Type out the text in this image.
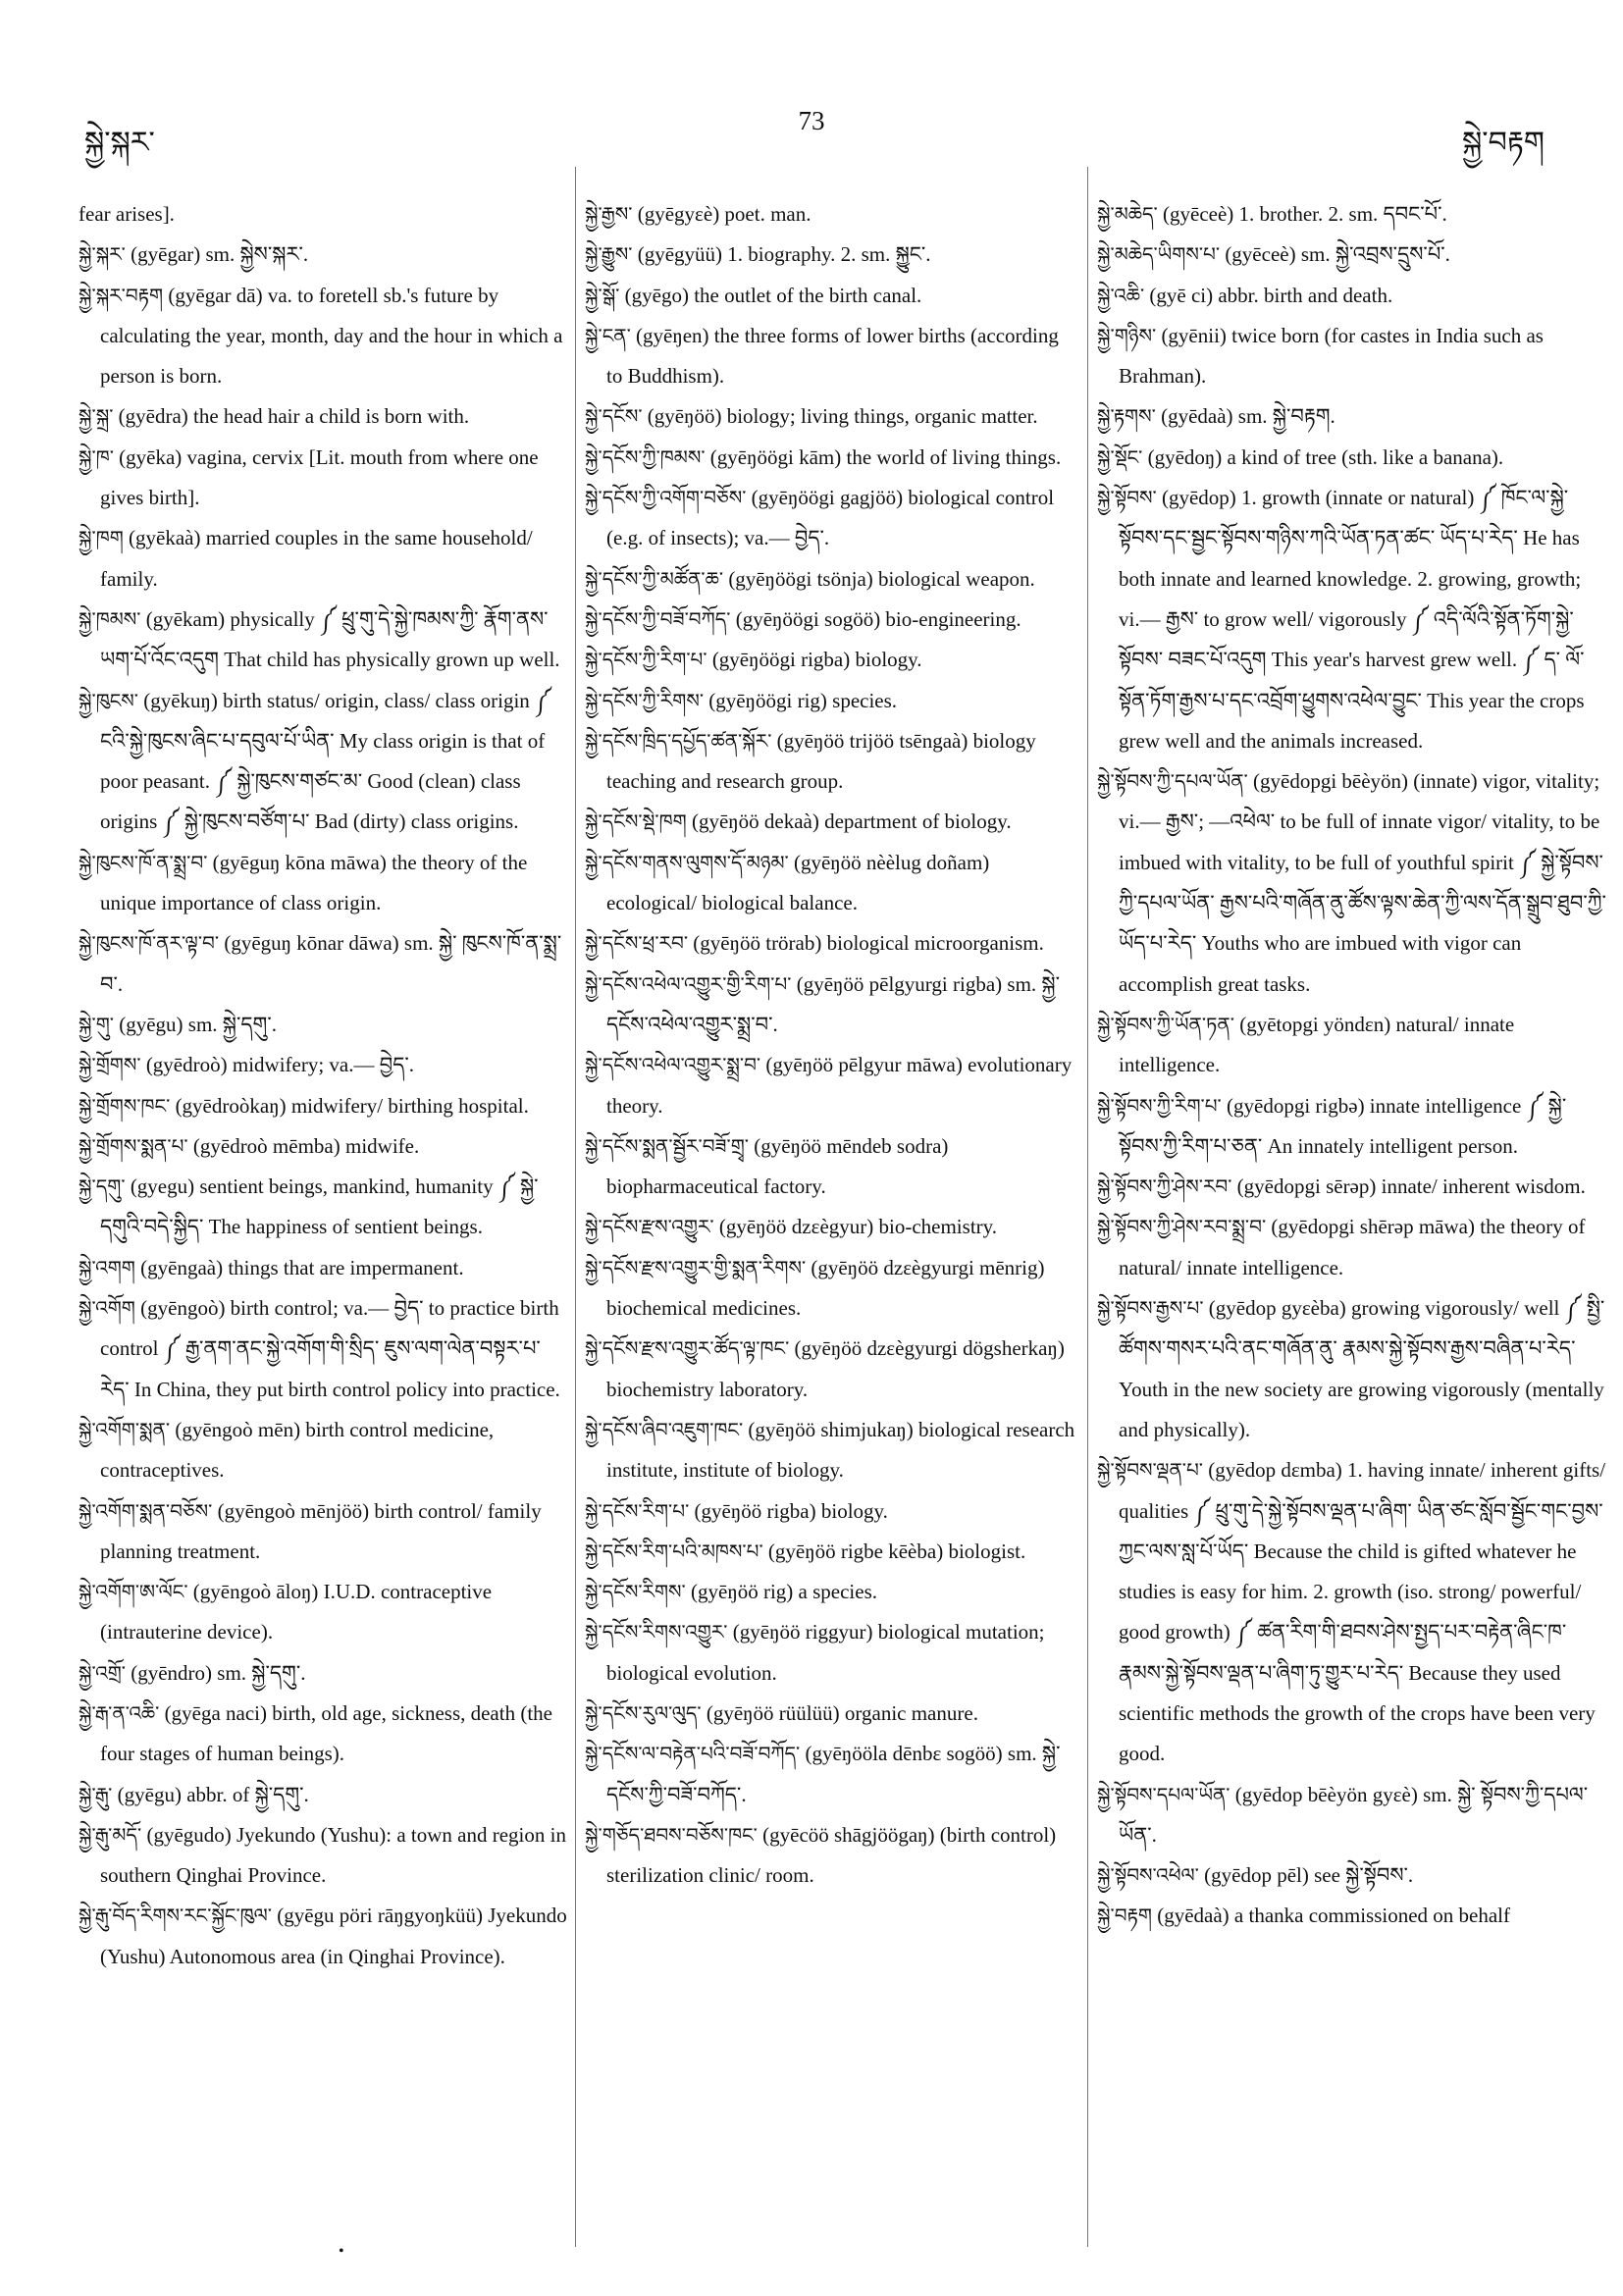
སྐྱེ་སྐར་
73
སྐྱེ་བརྟག

fear arises].

སྐྱེ་སྐར་ (gyēgar) sm. སྐྱེས་སྐར་.

སྐྱེ་སྐར་བརྟག (gyēgar dā) va. to foretell sb.'s future by calculating the year, month, day and the hour in which a person is born.

སྐྱེ་སྐྲ་ (gyēdra) the head hair a child is born with.

སྐྱེ་ཁ་ (gyēka) vagina, cervix [Lit. mouth from where one gives birth].

སྐྱེ་ཁག (gyēkaà) married couples in the same household/ family.

སྐྱེ་ཁམས་ (gyēkam) physically ༼ ཕྲུ་གུ་དེ་སྐྱེ་ཁམས་ཀྱི་ རྣོག་ནས་ཡག་པོ་འོང་འདུག That child has physically grown up well.

སྐྱེ་ཁུངས་ (gyēkuŋ) birth status/ origin, class/ class origin ༼ ངའི་སྐྱེ་ཁུངས་ཞིང་པ་དབུལ་པོ་ཡིན་ My class origin is that of poor peasant. ༼ སྐྱེ་ཁུངས་གཙང་མ་ Good (clean) class origins ༼ སྐྱེ་ཁུངས་བཙོག་པ་ Bad (dirty) class origins.

སྐྱེ་ཁུངས་ཁོ་ན་སྨྲ་བ་ (gyēguŋ kōna māwa) the theory of the unique importance of class origin.

སྐྱེ་ཁུངས་ཁོ་ནར་ལྟ་བ་ (gyēguŋ kōnar dāwa) sm. སྐྱེ་ ཁུངས་ཁོ་ན་སྨྲ་བ་.

སྐྱེ་གུ་ (gyēgu) sm. སྐྱེ་དགུ་.

སྐྱེ་གྲོགས་ (gyēdroò) midwifery; va.— བྱེད་.

སྐྱེ་གྲོགས་ཁང་ (gyēdroòkaŋ) midwifery/ birthing hospital.

སྐྱེ་གྲོགས་སྨན་པ་ (gyēdroò mēmba) midwife.

སྐྱེ་དགུ་ (gyegu) sentient beings, mankind, humanity ༼ སྐྱེ་དགུའི་བདེ་སྐྱིད་ The happiness of sentient beings.

སྐྱེ་འགག (gyēngaà) things that are impermanent.

སྐྱེ་འགོག (gyēngoò) birth control; va.— བྱེད་ to practice birth control ༼ རྒྱ་ནག་ནང་སྐྱེ་འགོག་གི་སྲིད་ ཇུས་ལག་ལེན་བསྟར་པ་རེད་ In China, they put birth control policy into practice.

སྐྱེ་འགོག་སྨན་ (gyēngoò mēn) birth control medicine, contraceptives.

སྐྱེ་འགོག་སྨན་བཅོས་ (gyēngoò mēnjöö) birth control/ family planning treatment.

སྐྱེ་འགོག་ཨ་ལོང་ (gyēngoò āloŋ) I.U.D. contraceptive (intrauterine device).

སྐྱེ་འགྲོ་ (gyēndro) sm. སྐྱེ་དགུ་.

སྐྱེ་རྒ་ན་འཆི་ (gyēga naci) birth, old age, sickness, death (the four stages of human beings).

སྐྱེ་རྒུ་ (gyēgu) abbr. of སྐྱེ་དགུ་.

སྐྱེ་རྒུ་མདོ་ (gyēgudo) Jyekundo (Yushu): a town and region in southern Qinghai Province.

སྐྱེ་རྒུ་བོད་རིགས་རང་སྐྱོང་ཁུལ་ (gyēgu pöri rāŋgyoŋküü) Jyekundo (Yushu) Autonomous area (in Qinghai Province).

སྐྱེ་རྒྱས་ (gyēgyεè) poet. man.

སྐྱེ་རྒྱུས་ (gyēgyüü) 1. biography. 2. sm. སྐྱུང་.

སྐྱེ་སྒོ་ (gyēgo) the outlet of the birth canal.

སྐྱེ་ངན་ (gyēŋen) the three forms of lower births (according to Buddhism).

སྐྱེ་དངོས་ (gyēŋöö) biology; living things, organic matter.

སྐྱེ་དངོས་ཀྱི་ཁམས་ (gyēŋöögi kām) the world of living things.

སྐྱེ་དངོས་ཀྱི་འགོག་བཅོས་ (gyēŋöögi gagjöö) biological control (e.g. of insects); va.— བྱེད་.

སྐྱེ་དངོས་ཀྱི་མཚོན་ཆ་ (gyēŋöögi tsönja) biological weapon.

སྐྱེ་དངོས་ཀྱི་བཟོ་བཀོད་ (gyēŋöögi sogöö) bio-engineering.

སྐྱེ་དངོས་ཀྱི་རིག་པ་ (gyēŋöögi rigba) biology.

སྐྱེ་དངོས་ཀྱི་རིགས་ (gyēŋöögi rig) species.

སྐྱེ་དངོས་ཁྲིད་དཔྱོད་ཚན་སྐོར་ (gyēŋöö trijöö tsēngaà) biology teaching and research group.

སྐྱེ་དངོས་སྡེ་ཁག (gyēŋöö dekaà) department of biology.

སྐྱེ་དངོས་གནས་ལུགས་དོ་མཉམ་ (gyēŋöö nèèlug doñam) ecological/ biological balance.

སྐྱེ་དངོས་ཕྲ་རབ་ (gyēŋöö trörab) biological microorganism.

སྐྱེ་དངོས་འཕེལ་འགྱུར་གྱི་རིག་པ་ (gyēŋöö pēlgyurgi rigba) sm. སྐྱེ་དངོས་འཕེལ་འགྱུར་སྨྲ་བ་.

སྐྱེ་དངོས་འཕེལ་འགྱུར་སྨྲ་བ་ (gyēŋöö pēlgyur māwa) evolutionary theory.

སྐྱེ་དངོས་སྨན་སྦྱོར་བཟོ་གྲྭ་ (gyēŋöö mēndeb sodra) biopharmaceutical factory.

སྐྱེ་དངོས་རྫས་འགྱུར་ (gyēŋöö dzεègyur) bio-chemistry.

སྐྱེ་དངོས་རྫས་འགྱུར་གྱི་སྨན་རིགས་ (gyēŋöö dzεègyurgi mēnrig) biochemical medicines.

སྐྱེ་དངོས་རྫས་འགྱུར་ཚོད་ལྟ་ཁང་ (gyēŋöö dzεègyurgi dögsherkaŋ) biochemistry laboratory.

སྐྱེ་དངོས་ཞིབ་འཇུག་ཁང་ (gyēŋöö shimjukaŋ) biological research institute, institute of biology.

སྐྱེ་དངོས་རིག་པ་ (gyēŋöö rigba) biology.

སྐྱེ་དངོས་རིག་པའི་མཁས་པ་ (gyēŋöö rigbe kēèba) biologist.

སྐྱེ་དངོས་རིགས་ (gyēŋöö rig) a species.

སྐྱེ་དངོས་རིགས་འགྱུར་ (gyēŋöö riggyur) biological mutation; biological evolution.

སྐྱེ་དངོས་རུལ་ལུད་ (gyēŋöö rüülüü) organic manure.

སྐྱེ་དངོས་ལ་བརྟེན་པའི་བཟོ་བཀོད་ (gyēŋööla dēnbε sogöö) sm. སྐྱེ་དངོས་ཀྱི་བཟོ་བཀོད་.

སྐྱེ་གཅོད་ཐབས་བཅོས་ཁང་ (gyēcöö shāgjöögaŋ) (birth control) sterilization clinic/ room.

སྐྱེ་མཆེད་ (gyēceè) 1. brother. 2. sm. དབང་པོ་.

སྐྱེ་མཆེད་ཡིགས་པ་ (gyēceè) sm. སྐྱེ་འབྲས་དྲུས་པོ་.

སྐྱེ་འཆི་ (gyē ci) abbr. birth and death.

སྐྱེ་གཉིས་ (gyēnii) twice born (for castes in India such as Brahman).

སྐྱེ་རྟགས་ (gyēdaà) sm. སྐྱེ་བརྟག.

སྐྱེ་སྡོང་ (gyēdoŋ) a kind of tree (sth. like a banana).

སྐྱེ་སྟོབས་ (gyēdop) 1. growth (innate or natural) ༼ ཁོང་ལ་སྐྱེ་སྟོབས་དང་སྦྱང་སྟོབས་གཉིས་ཀའི་ཡོན་ཏན་ཚང་ ཡོད་པ་རེད་ He has both innate and learned knowledge. 2. growing, growth; vi.— རྒྱས་ to grow well/ vigorously ༼ འདི་ལོའི་སྟོན་ཏོག་སྐྱེ་སྟོབས་ བཟང་པོ་འདུག This year's harvest grew well. ༼ ད་ ལོ་སྟོན་ཏོག་རྒྱས་པ་དང་འབྲོག་ཕྱུགས་འཕེལ་བྱུང་ This year the crops grew well and the animals increased.

སྐྱེ་སྟོབས་ཀྱི་དཔལ་ཡོན་ (gyēdopgi bēèyön) (innate) vigor, vitality; vi.— རྒྱས་; —འཕེལ་ to be full of innate vigor/ vitality, to be imbued with vitality, to be full of youthful spirit ༼ སྐྱེ་སྟོབས་ཀྱི་དཔལ་ཡོན་ རྒྱས་པའི་གཞོན་ནུ་ཚོས་ལྟས་ཆེན་ཀྱི་ལས་དོན་སྒྲུབ་ཐུབ་ཀྱི་ ཡོད་པ་རེད་ Youths who are imbued with vigor can accomplish great tasks.

སྐྱེ་སྟོབས་ཀྱི་ཡོན་ཏན་ (gyētopgi yöndεn) natural/ innate intelligence.

སྐྱེ་སྟོབས་ཀྱི་རིག་པ་ (gyēdopgi rigbə) innate intelligence ༼ སྐྱེ་སྟོབས་ཀྱི་རིག་པ་ཅན་ An innately intelligent person.

སྐྱེ་སྟོབས་ཀྱི་ཤེས་རབ་ (gyēdopgi sērəp) innate/ inherent wisdom.

སྐྱེ་སྟོབས་ཀྱི་ཤེས་རབ་སྨྲ་བ་ (gyēdopgi shērəp māwa) the theory of natural/ innate intelligence.

སྐྱེ་སྟོབས་རྒྱས་པ་ (gyēdop gyεèba) growing vigorously/ well ༼ སྤྱི་ཚོགས་གསར་པའི་ནང་གཞོན་ནུ་ རྣམས་སྐྱེ་སྟོབས་རྒྱས་བཞིན་པ་རེད་ Youth in the new society are growing vigorously (mentally and physically).

སྐྱེ་སྟོབས་ལྡན་པ་ (gyēdop dεmba) 1. having innate/ inherent gifts/ qualities ༼ ཕྲུ་གུ་དེ་སྐྱེ་སྟོབས་ལྡན་པ་ཞིག་ ཡིན་ཙང་སློབ་སྦྱོང་གང་བྱས་ཀྱང་ལས་སླ་པོ་ཡོད་ Because the child is gifted whatever he studies is easy for him. 2. growth (iso. strong/ powerful/ good growth) ༼ ཚན་རིག་གི་ཐབས་ཤེས་སྤྱད་པར་བརྟེན་ཞིང་ཁ་ རྣམས་སྐྱེ་སྟོབས་ལྡན་པ་ཞིག་ཏུ་གྱུར་པ་རེད་ Because they used scientific methods the growth of the crops have been very good.

སྐྱེ་སྟོབས་དཔལ་ཡོན་ (gyēdop bēèyön gyεè) sm. སྐྱེ་ སྟོབས་ཀྱི་དཔལ་ཡོན་.

སྐྱེ་སྟོབས་འཕེལ་ (gyēdop pēl) see སྐྱེ་སྟོབས་.

སྐྱེ་བརྟག (gyēdaà) a thanka commissioned on behalf

•
